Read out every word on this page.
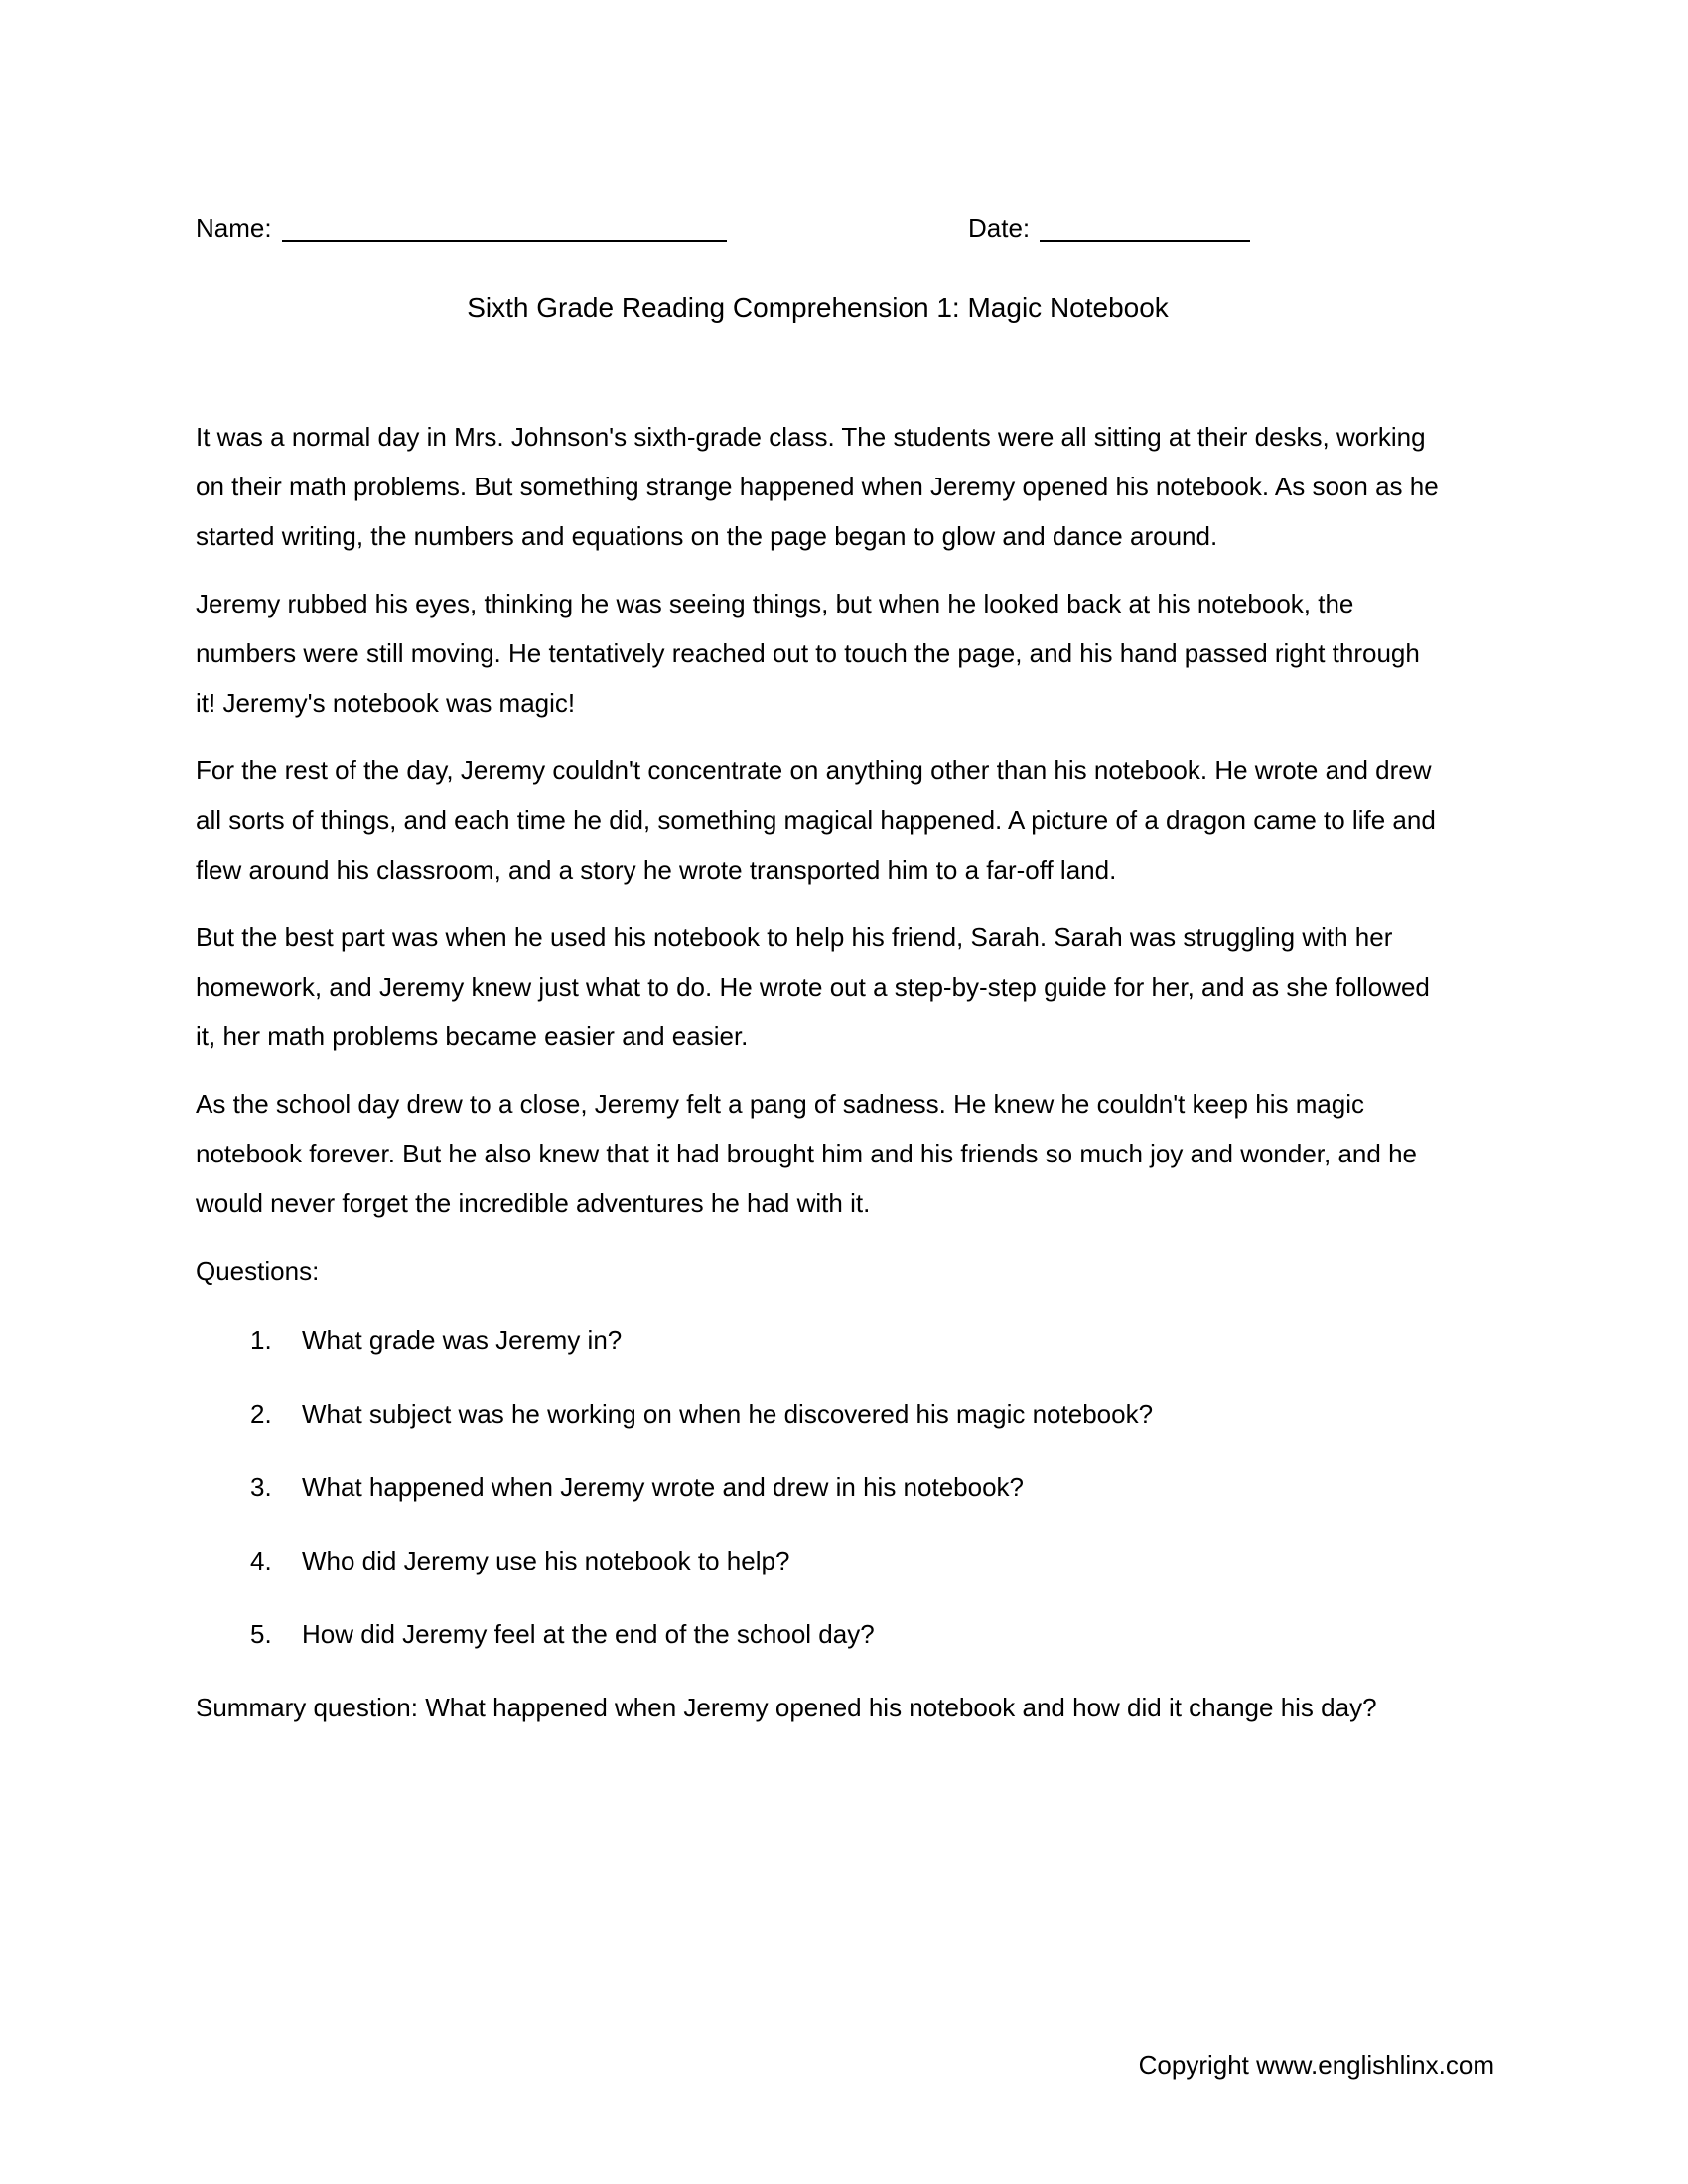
Name:	Date:
Sixth Grade Reading Comprehension 1: Magic Notebook

It was a normal day in Mrs. Johnson's sixth-grade class. The students were all sitting at their desks, working on their math problems. But something strange happened when Jeremy opened his notebook. As soon as he started writing, the numbers and equations on the page began to glow and dance around.

Jeremy rubbed his eyes, thinking he was seeing things, but when he looked back at his notebook, the numbers were still moving. He tentatively reached out to touch the page, and his hand passed right through it! Jeremy's notebook was magic!

For the rest of the day, Jeremy couldn't concentrate on anything other than his notebook. He wrote and drew all sorts of things, and each time he did, something magical happened. A picture of a dragon came to life and flew around his classroom, and a story he wrote transported him to a far-off land.

But the best part was when he used his notebook to help his friend, Sarah. Sarah was struggling with her homework, and Jeremy knew just what to do. He wrote out a step-by-step guide for her, and as she followed it, her math problems became easier and easier.

As the school day drew to a close, Jeremy felt a pang of sadness. He knew he couldn't keep his magic notebook forever. But he also knew that it had brought him and his friends so much joy and wonder, and he would never forget the incredible adventures he had with it.

Questions:
1.	What grade was Jeremy in?
2.	What subject was he working on when he discovered his magic notebook?
3.	What happened when Jeremy wrote and drew in his notebook?
4.	Who did Jeremy use his notebook to help?
5.	How did Jeremy feel at the end of the school day?

Summary question: What happened when Jeremy opened his notebook and how did it change his day?

Copyright www.englishlinx.com
